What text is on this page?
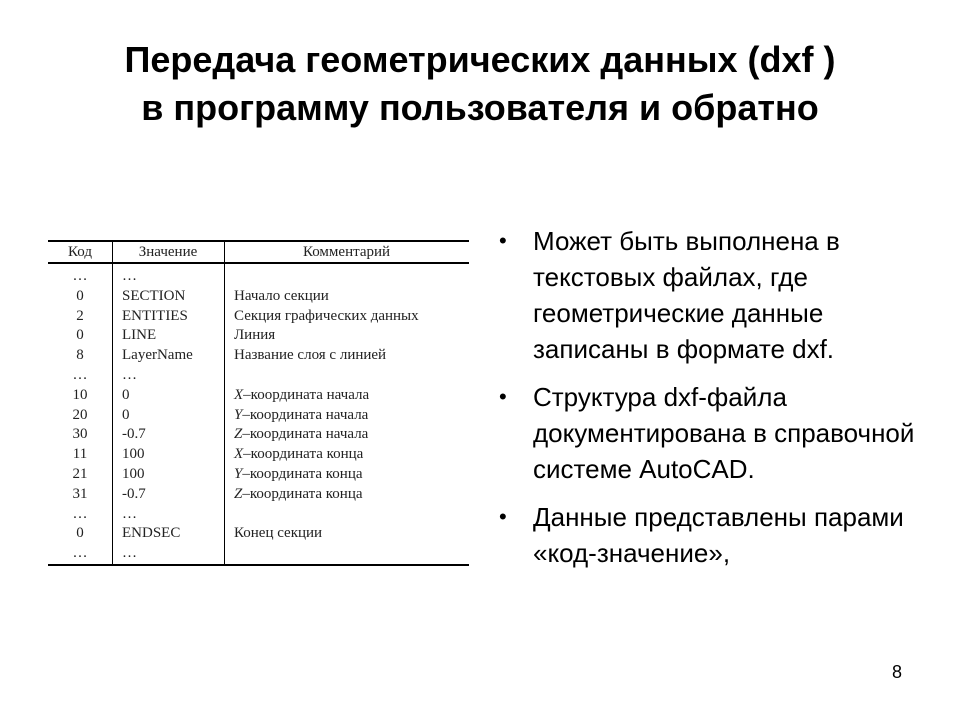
Передача геометрических данных (dxf )
в программу пользователя и обратно
Код	Значение	Комментарий
…	…
0	SECTION	Начало секции
2	ENTITIES	Секция графических данных
0	LINE	Линия
8	LayerName	Название слоя с линией
…	…
10	0	X–координата начала
20	0	Y–координата начала
30	-0.7	Z–координата начала
11	100	X–координата конца
21	100	Y–координата конца
31	-0.7	Z–координата конца
…	…
0	ENDSEC	Конец секции
…	…
• Может быть выполнена в текстовых файлах, где геометрические данные записаны в формате dxf.
• Структура dxf-файла документирована в справочной системе AutoCAD.
• Данные представлены парами «код-значение»,
8
